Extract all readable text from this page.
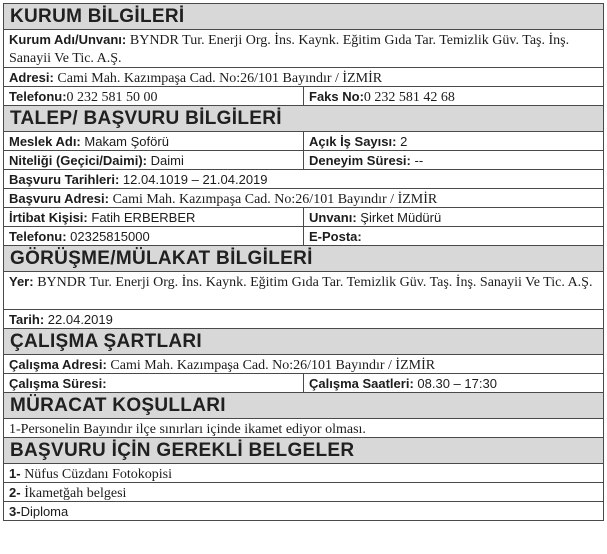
KURUM BİLGİLERİ
Kurum Adı/Unvanı: BYNDR Tur. Enerji Org. İns. Kaynk. Eğitim Gıda Tar. Temizlik Güv. Taş. İnş. Sanayii Ve Tic. A.Ş.
Adresi: Cami Mah. Kazımpaşa Cad. No:26/101 Bayındır / İZMİR
Telefonu:0 232 581 50 00	Faks No:0 232 581 42 68
TALEP/ BAŞVURU BİLGİLERİ
Meslek Adı: Makam Şoförü	Açık İş Sayısı: 2
Niteliği (Geçici/Daimi): Daimi	Deneyim Süresi: --
Başvuru Tarihleri: 12.04.1019 – 21.04.2019
Başvuru Adresi: Cami Mah. Kazımpaşa Cad. No:26/101 Bayındır / İZMİR
İrtibat Kişisi: Fatih ERBERBER	Unvanı: Şirket Müdürü
Telefonu: 02325815000	E-Posta:
GÖRÜŞME/MÜLAKAT BİLGİLERİ
Yer: BYNDR Tur. Enerji Org. İns. Kaynk. Eğitim Gıda Tar. Temizlik Güv. Taş. İnş. Sanayii Ve Tic. A.Ş.
Tarih: 22.04.2019
ÇALIŞMA ŞARTLARI
Çalışma Adresi: Cami Mah. Kazımpaşa Cad. No:26/101 Bayındır / İZMİR
Çalışma Süresi:	Çalışma Saatleri: 08.30 – 17:30
MÜRACAT KOŞULLARI
1-Personelin Bayındır ilçe sınırları içinde ikamet ediyor olması.
BAŞVURU İÇİN GEREKLİ BELGELER
1- Nüfus Cüzdanı Fotokopisi
2- İkametğah belgesi
3-Diploma
